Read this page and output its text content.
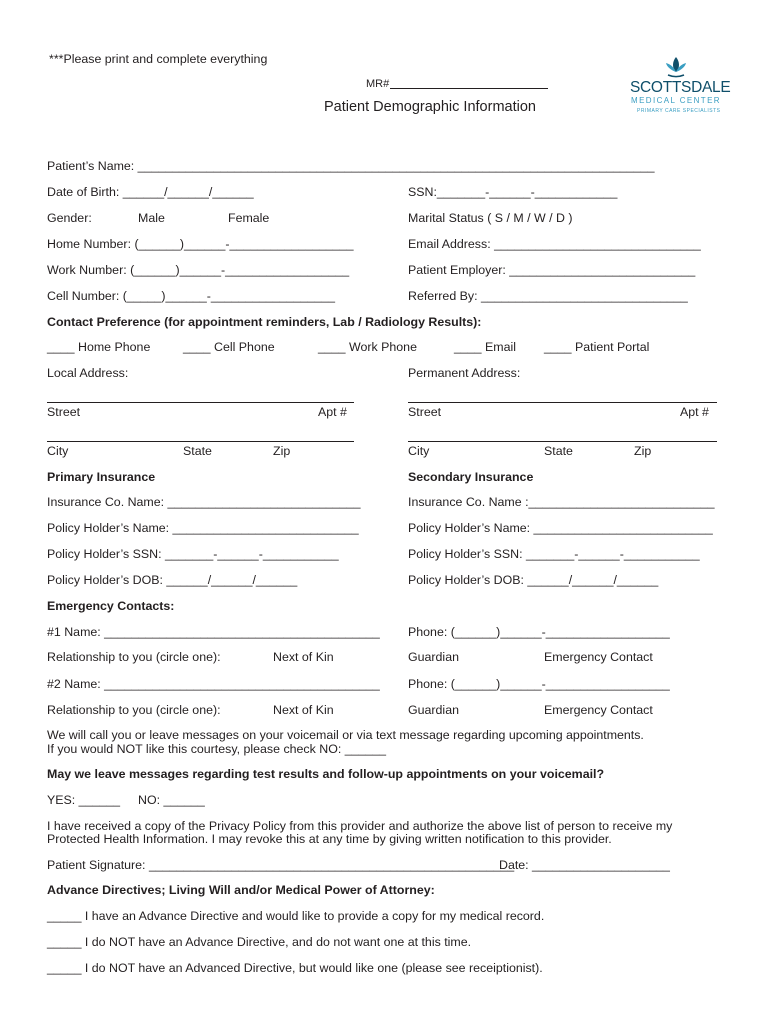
***Please print and complete everything
MR#
Patient Demographic Information
SCOTTSDALE
MEDICAL CENTER
PRIMARY CARE SPECIALISTS
Patient’s Name: ___________________________________________________________________________
Date of Birth: ______/______/______	SSN:_______-______-____________
Gender:	Male	Female	Marital Status ( S / M / W / D )
Home Number: (______)______-__________________	Email Address: ______________________________
Work Number: (______)______-__________________	Patient Employer: ___________________________
Cell Number: (_____)______-__________________	Referred By: ______________________________
Contact Preference (for appointment reminders, Lab / Radiology Results):
____ Home Phone	____ Cell Phone	____ Work Phone	____ Email ____ Patient Portal
Local Address:	Permanent Address:
Street	Apt #	Street	Apt #
City	State	Zip	City	State	Zip
Primary Insurance	Secondary Insurance
Insurance Co. Name: ____________________________	Insurance Co. Name :___________________________
Policy Holder’s Name: ___________________________	Policy Holder’s Name: __________________________
Policy Holder’s SSN: _______-______-___________	Policy Holder’s SSN: _______-______-___________
Policy Holder’s DOB: ______/______/______	Policy Holder’s DOB: ______/______/______
Emergency Contacts:
#1 Name: ________________________________________ Phone: (______)______-__________________
Relationship to you (circle one):	Next of Kin	Guardian	Emergency Contact
#2 Name: ________________________________________ Phone: (______)______-__________________
Relationship to you (circle one):	Next of Kin	Guardian	Emergency Contact
We will call you or leave messages on your voicemail or via text message regarding upcoming appointments.
If you would NOT like this courtesy, please check NO: ______
May we leave messages regarding test results and follow-up appointments on your voicemail?
YES: ______ NO: ______
I have received a copy of the Privacy Policy from this provider and authorize the above list of person to receive my
Protected Health Information. I may revoke this at any time by giving written notification to this provider.
Patient Signature: _____________________________________________________
Date: ____________________
Advance Directives; Living Will and/or Medical Power of Attorney:
_____ I have an Advance Directive and would like to provide a copy for my medical record.
_____ I do NOT have an Advance Directive, and do not want one at this time.
_____ I do NOT have an Advanced Directive, but would like one (please see receiptionist).
